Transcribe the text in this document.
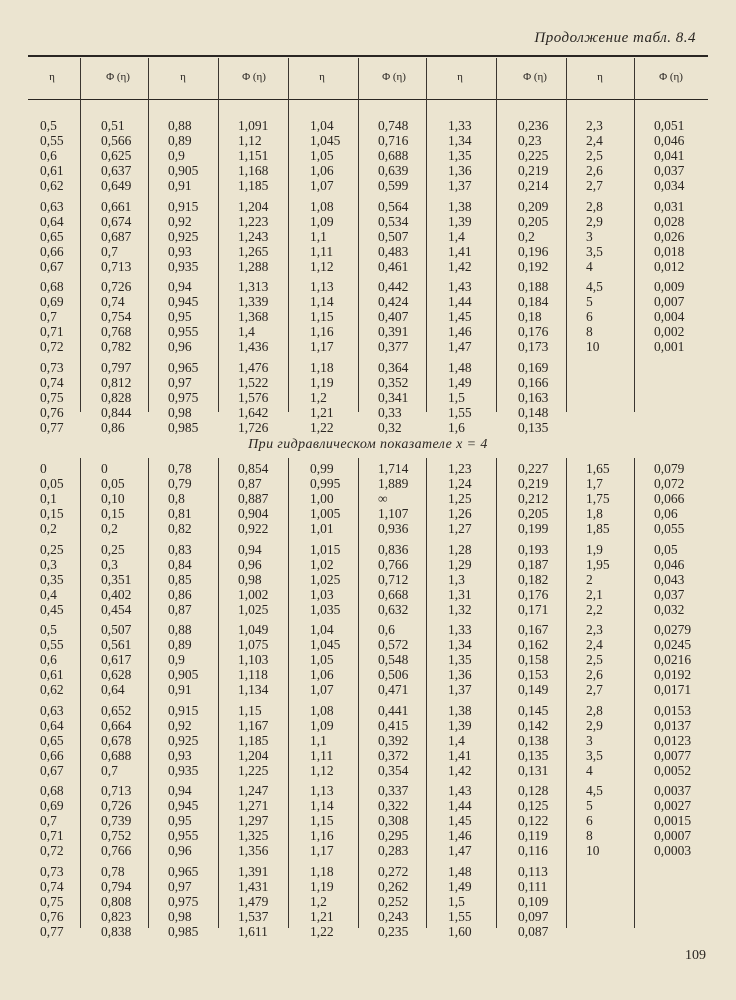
Продолжение табл. 8.4
η	Φ (η)	η	Φ (η)	η	Φ (η)	η	Φ (η)	η	Φ (η)
0,5	0,51	0,88	1,091	1,04	0,748	1,33	0,236	2,3	0,051
0,55	0,566	0,89	1,12	1,045	0,716	1,34	0,23	2,4	0,046
0,6	0,625	0,9	1,151	1,05	0,688	1,35	0,225	2,5	0,041
0,61	0,637	0,905	1,168	1,06	0,639	1,36	0,219	2,6	0,037
0,62	0,649	0,91	1,185	1,07	0,599	1,37	0,214	2,7	0,034
0,63	0,661	0,915	1,204	1,08	0,564	1,38	0,209	2,8	0,031
0,64	0,674	0,92	1,223	1,09	0,534	1,39	0,205	2,9	0,028
0,65	0,687	0,925	1,243	1,1	0,507	1,4	0,2	3	0,026
0,66	0,7	0,93	1,265	1,11	0,483	1,41	0,196	3,5	0,018
0,67	0,713	0,935	1,288	1,12	0,461	1,42	0,192	4	0,012
0,68	0,726	0,94	1,313	1,13	0,442	1,43	0,188	4,5	0,009
0,69	0,74	0,945	1,339	1,14	0,424	1,44	0,184	5	0,007
0,7	0,754	0,95	1,368	1,15	0,407	1,45	0,18	6	0,004
0,71	0,768	0,955	1,4	1,16	0,391	1,46	0,176	8	0,002
0,72	0,782	0,96	1,436	1,17	0,377	1,47	0,173	10	0,001
0,73	0,797	0,965	1,476	1,18	0,364	1,48	0,169
0,74	0,812	0,97	1,522	1,19	0,352	1,49	0,166
0,75	0,828	0,975	1,576	1,2	0,341	1,5	0,163
0,76	0,844	0,98	1,642	1,21	0,33	1,55	0,148
0,77	0,86	0,985	1,726	1,22	0,32	1,6	0,135
При гидравлическом показателе x = 4
0	0	0,78	0,854	0,99	1,714	1,23	0,227	1,65	0,079
0,05	0,05	0,79	0,87	0,995	1,889	1,24	0,219	1,7	0,072
0,1	0,10	0,8	0,887	1,00	∞	1,25	0,212	1,75	0,066
0,15	0,15	0,81	0,904	1,005	1,107	1,26	0,205	1,8	0,06
0,2	0,2	0,82	0,922	1,01	0,936	1,27	0,199	1,85	0,055
0,25	0,25	0,83	0,94	1,015	0,836	1,28	0,193	1,9	0,05
0,3	0,3	0,84	0,96	1,02	0,766	1,29	0,187	1,95	0,046
0,35	0,351	0,85	0,98	1,025	0,712	1,3	0,182	2	0,043
0,4	0,402	0,86	1,002	1,03	0,668	1,31	0,176	2,1	0,037
0,45	0,454	0,87	1,025	1,035	0,632	1,32	0,171	2,2	0,032
0,5	0,507	0,88	1,049	1,04	0,6	1,33	0,167	2,3	0,0279
0,55	0,561	0,89	1,075	1,045	0,572	1,34	0,162	2,4	0,0245
0,6	0,617	0,9	1,103	1,05	0,548	1,35	0,158	2,5	0,0216
0,61	0,628	0,905	1,118	1,06	0,506	1,36	0,153	2,6	0,0192
0,62	0,64	0,91	1,134	1,07	0,471	1,37	0,149	2,7	0,0171
0,63	0,652	0,915	1,15	1,08	0,441	1,38	0,145	2,8	0,0153
0,64	0,664	0,92	1,167	1,09	0,415	1,39	0,142	2,9	0,0137
0,65	0,678	0,925	1,185	1,1	0,392	1,4	0,138	3	0,0123
0,66	0,688	0,93	1,204	1,11	0,372	1,41	0,135	3,5	0,0077
0,67	0,7	0,935	1,225	1,12	0,354	1,42	0,131	4	0,0052
0,68	0,713	0,94	1,247	1,13	0,337	1,43	0,128	4,5	0,0037
0,69	0,726	0,945	1,271	1,14	0,322	1,44	0,125	5	0,0027
0,7	0,739	0,95	1,297	1,15	0,308	1,45	0,122	6	0,0015
0,71	0,752	0,955	1,325	1,16	0,295	1,46	0,119	8	0,0007
0,72	0,766	0,96	1,356	1,17	0,283	1,47	0,116	10	0,0003
0,73	0,78	0,965	1,391	1,18	0,272	1,48	0,113
0,74	0,794	0,97	1,431	1,19	0,262	1,49	0,111
0,75	0,808	0,975	1,479	1,2	0,252	1,5	0,109
0,76	0,823	0,98	1,537	1,21	0,243	1,55	0,097
0,77	0,838	0,985	1,611	1,22	0,235	1,60	0,087
109
